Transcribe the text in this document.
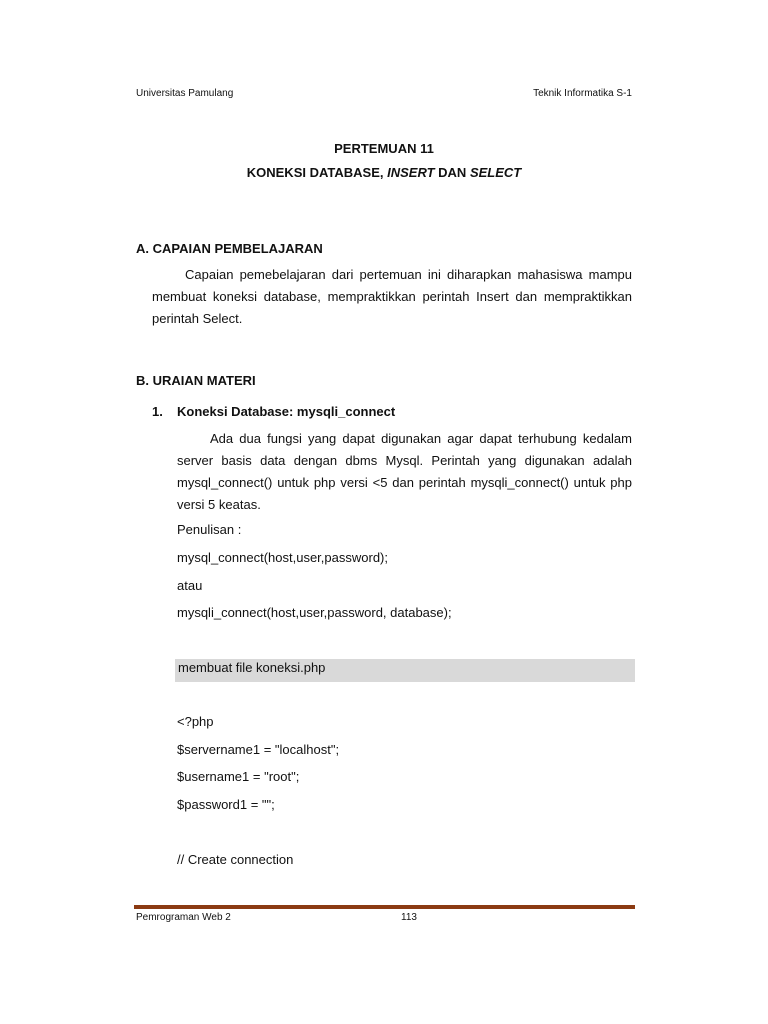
Universitas Pamulang	Teknik Informatika S-1
PERTEMUAN 11
KONEKSI DATABASE, INSERT DAN SELECT
A. CAPAIAN PEMBELAJARAN
Capaian pemebelajaran dari pertemuan ini diharapkan mahasiswa mampu membuat koneksi database, mempraktikkan perintah Insert dan mempraktikkan perintah Select.
B. URAIAN MATERI
1. Koneksi Database: mysqli_connect
Ada dua fungsi yang dapat digunakan agar dapat terhubung kedalam server basis data dengan dbms Mysql. Perintah yang digunakan adalah mysql_connect() untuk php versi <5 dan perintah mysqli_connect() untuk php versi 5 keatas.
Penulisan :
mysql_connect(host,user,password);
atau
mysqli_connect(host,user,password, database);
membuat file koneksi.php
<?php
$servername1 = "localhost";
$username1 = "root";
$password1 = "";
// Create connection
Pemrograman Web 2	113
